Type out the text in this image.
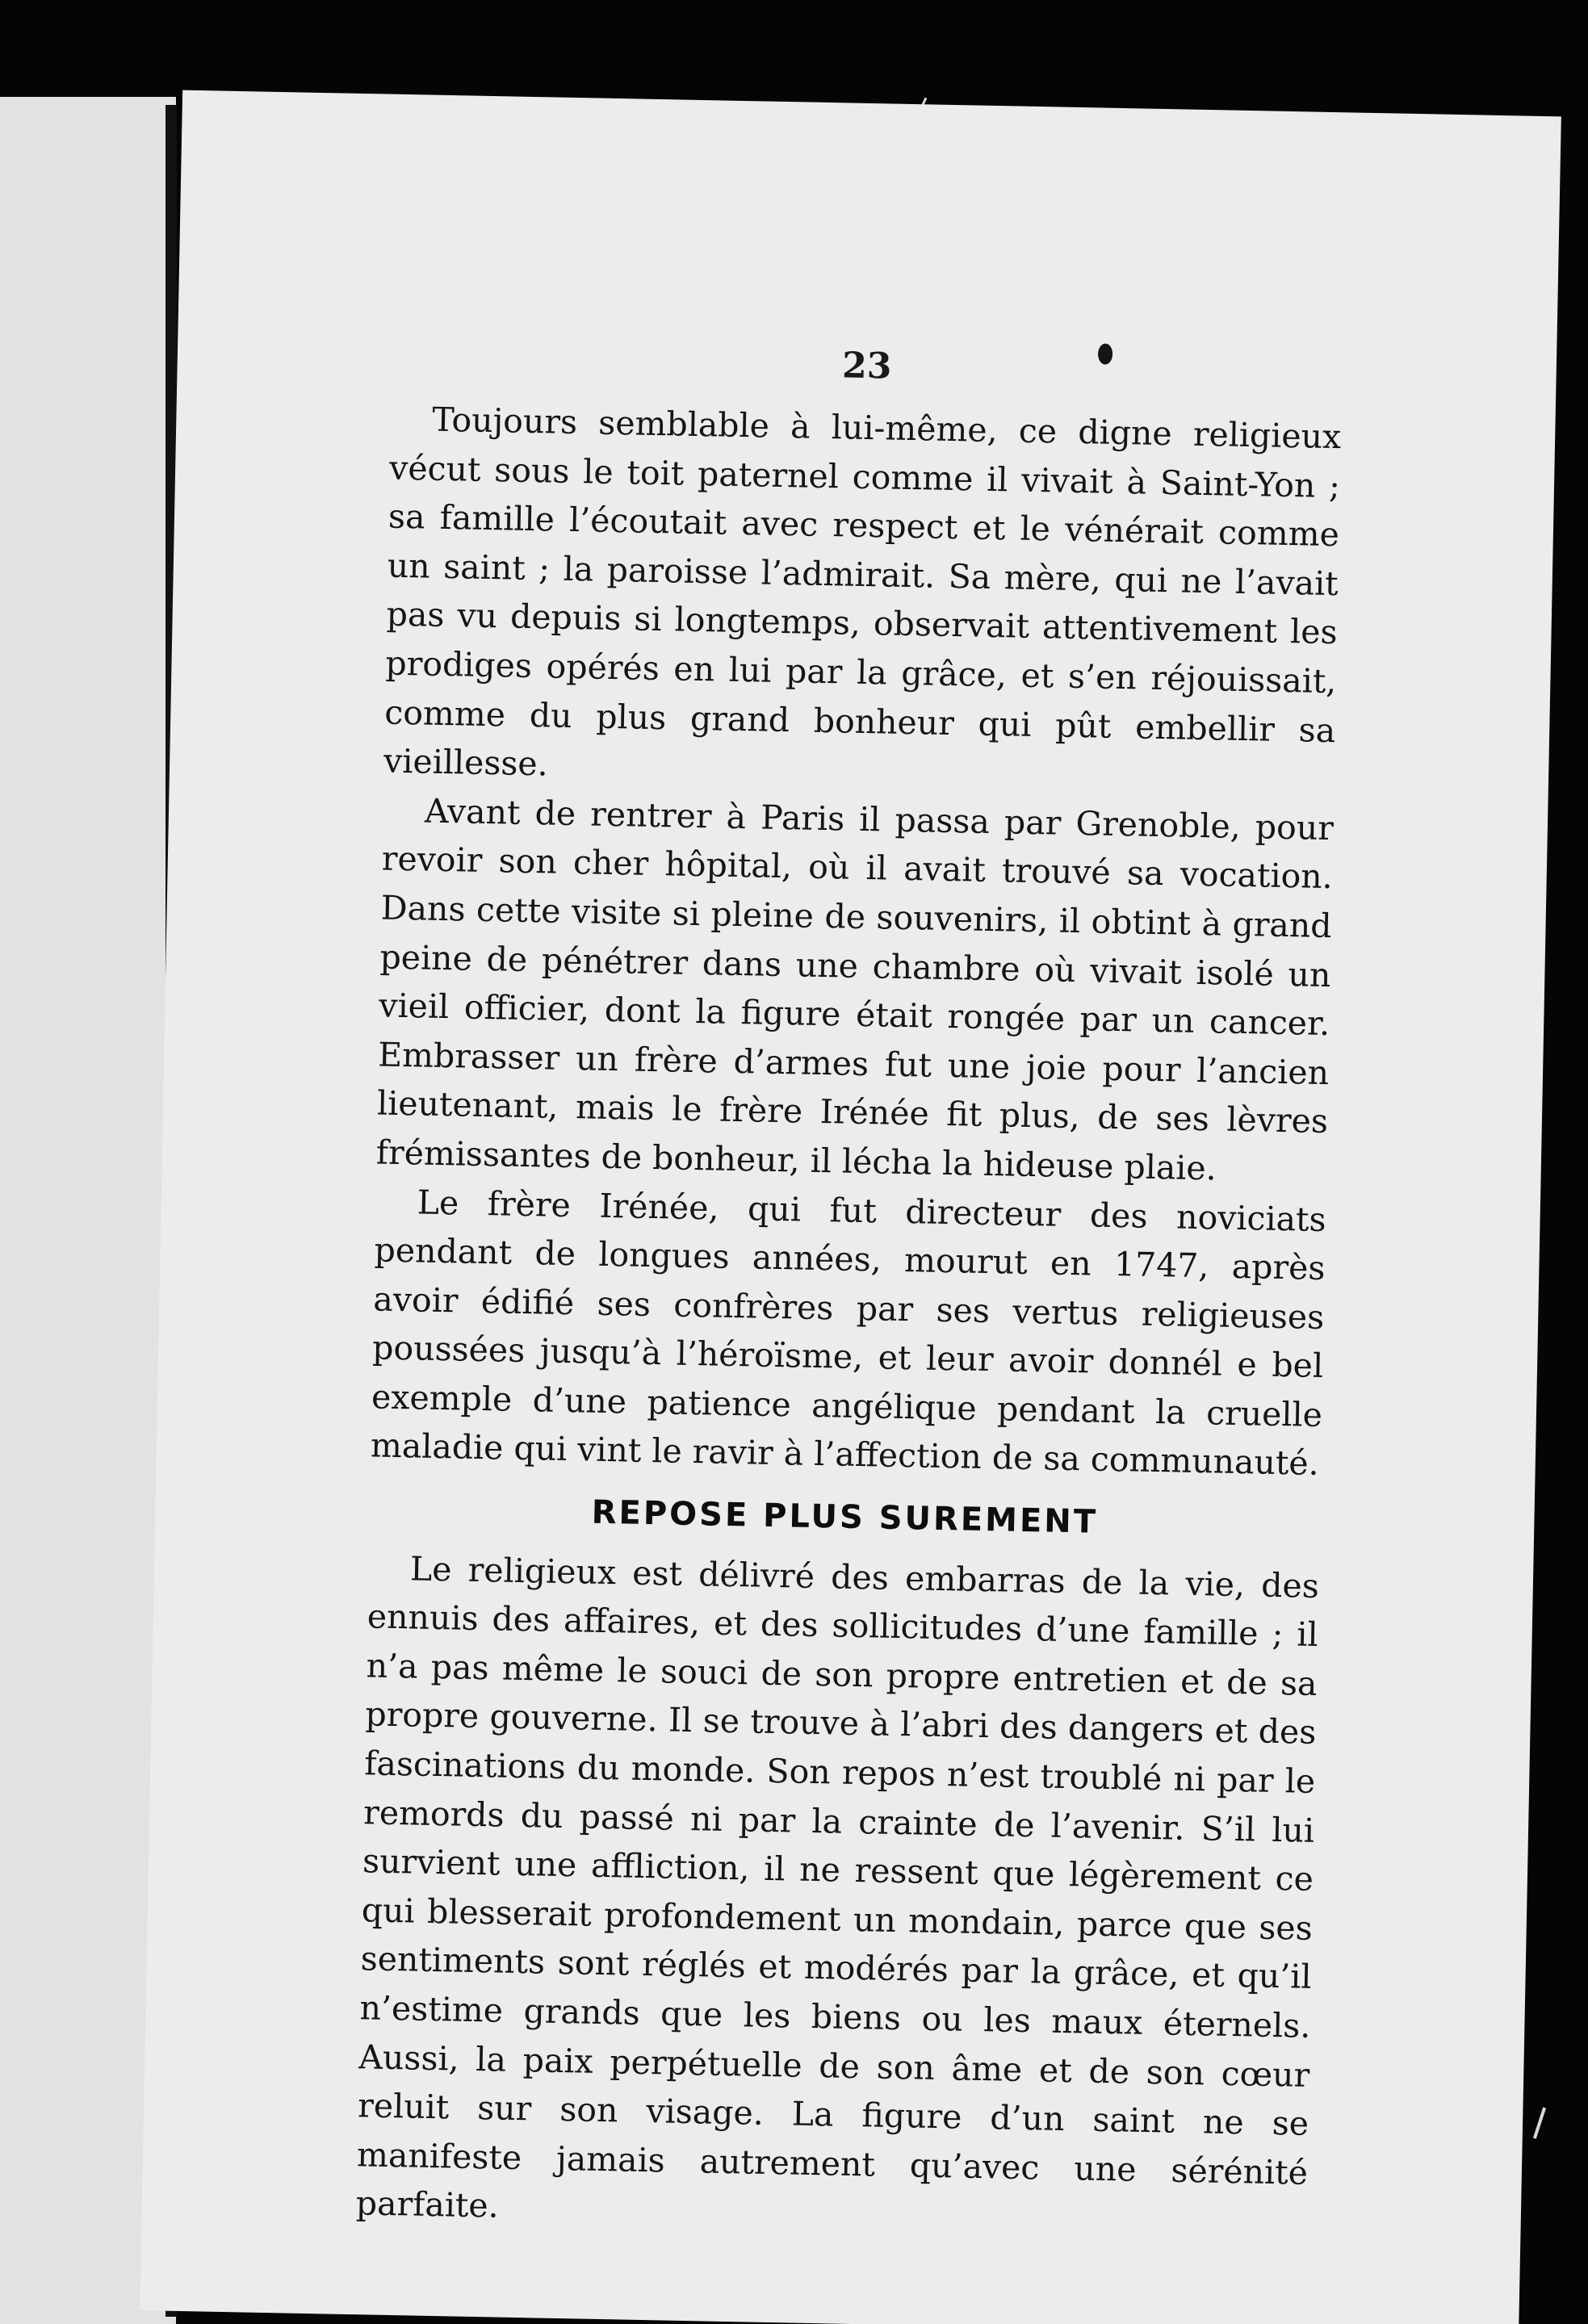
23

Toujours semblable à lui-même, ce digne religieux vécut sous le toit paternel comme il vivait à Saint-Yon ; sa famille l’écoutait avec respect et le vénérait comme un saint ; la paroisse l’admirait. Sa mère, qui ne l’avait pas vu depuis si longtemps, observait attentivement les prodiges opérés en lui par la grâce, et s’en réjouissait, comme du plus grand bonheur qui pût embellir sa vieillesse.

Avant de rentrer à Paris il passa par Grenoble, pour revoir son cher hôpital, où il avait trouvé sa vocation. Dans cette visite si pleine de souvenirs, il obtint à grand peine de pénétrer dans une chambre où vivait isolé un vieil officier, dont la figure était rongée par un cancer. Embrasser un frère d’armes fut une joie pour l’ancien lieutenant, mais le frère Irénée fit plus, de ses lèvres frémissantes de bonheur, il lécha la hideuse plaie.

Le frère Irénée, qui fut directeur des noviciats pendant de longues années, mourut en 1747, après avoir édifié ses confrères par ses vertus religieuses poussées jusqu’à l’héroïsme, et leur avoir donnél e bel exemple d’une patience angélique pendant la cruelle maladie qui vint le ravir à l’affection de sa communauté.

REPOSE PLUS SUREMENT

Le religieux est délivré des embarras de la vie, des ennuis des affaires, et des sollicitudes d’une famille ; il n’a pas même le souci de son propre entretien et de sa propre gouverne. Il se trouve à l’abri des dangers et des fascinations du monde. Son repos n’est troublé ni par le remords du passé ni par la crainte de l’avenir. S’il lui survient une affliction, il ne ressent que légèrement ce qui blesserait profondement un mondain, parce que ses sentiments sont réglés et modérés par la grâce, et qu’il n’estime grands que les biens ou les maux éternels. Aussi, la paix perpétuelle de son âme et de son cœur reluit sur son visage. La figure d’un saint ne se manifeste jamais autrement qu’avec une sérénité parfaite.
